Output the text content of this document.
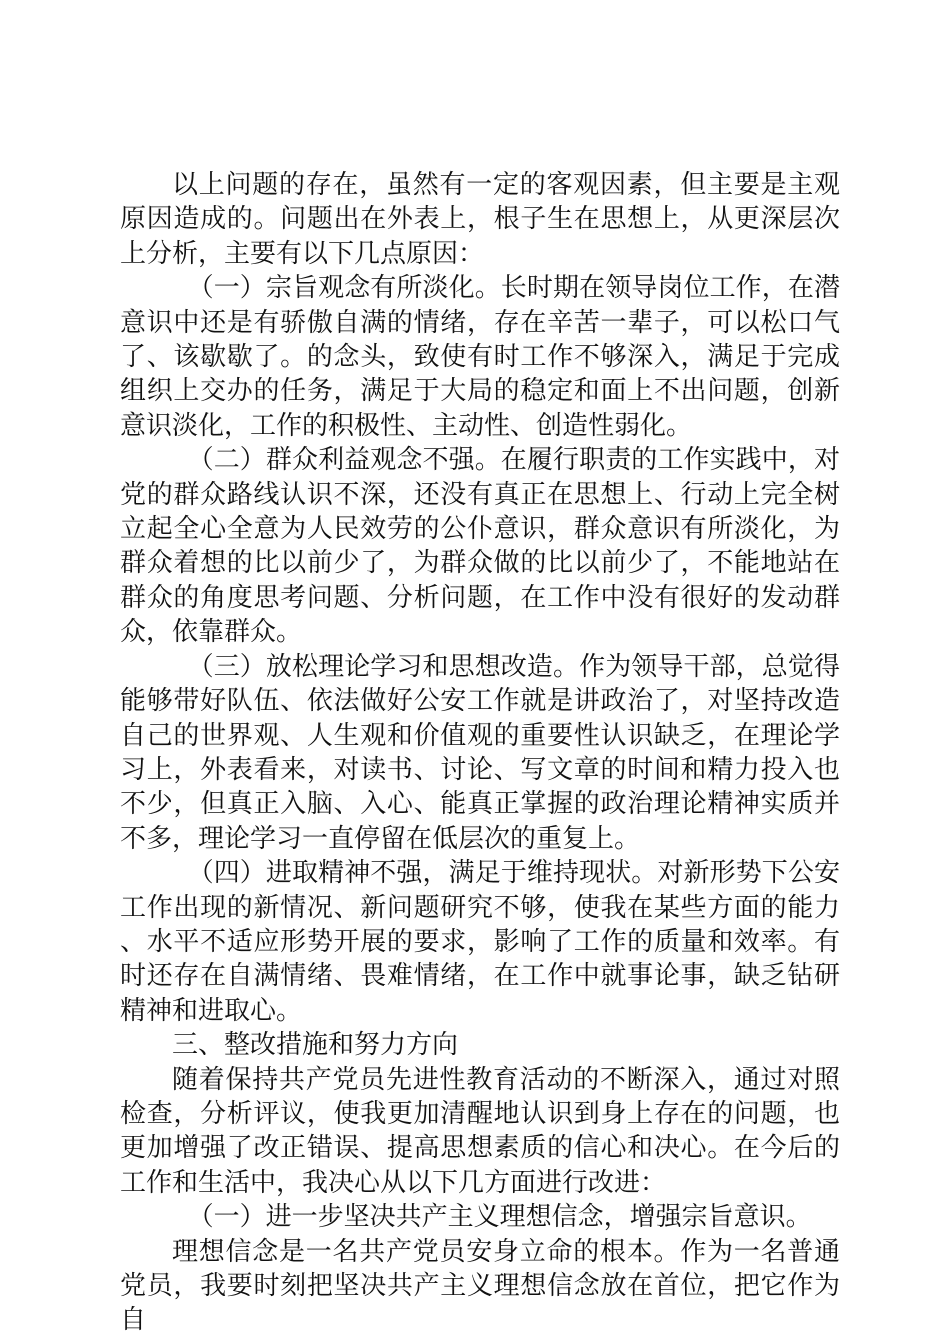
以上问题的存在，虽然有一定的客观因素，但主要是主观原因造成的。问题出在外表上，根子生在思想上，从更深层次上分析，主要有以下几点原因：

（一）宗旨观念有所淡化。长时期在领导岗位工作，在潜意识中还是有骄傲自满的情绪，存在辛苦一辈子，可以松口气了、该歇歇了。的念头，致使有时工作不够深入，满足于完成组织上交办的任务，满足于大局的稳定和面上不出问题，创新意识淡化，工作的积极性、主动性、创造性弱化。

（二）群众利益观念不强。在履行职责的工作实践中，对党的群众路线认识不深，还没有真正在思想上、行动上完全树立起全心全意为人民效劳的公仆意识，群众意识有所淡化，为群众着想的比以前少了，为群众做的比以前少了，不能地站在群众的角度思考问题、分析问题，在工作中没有很好的发动群众，依靠群众。

（三）放松理论学习和思想改造。作为领导干部，总觉得能够带好队伍、依法做好公安工作就是讲政治了，对坚持改造自己的世界观、人生观和价值观的重要性认识缺乏，在理论学习上，外表看来，对读书、讨论、写文章的时间和精力投入也不少，但真正入脑、入心、能真正掌握的政治理论精神实质并不多，理论学习一直停留在低层次的重复上。

（四）进取精神不强，满足于维持现状。对新形势下公安工作出现的新情况、新问题研究不够，使我在某些方面的能力、水平不适应形势开展的要求，影响了工作的质量和效率。有时还存在自满情绪、畏难情绪，在工作中就事论事，缺乏钻研精神和进取心。

三、整改措施和努力方向

随着保持共产党员先进性教育活动的不断深入，通过对照检查，分析评议，使我更加清醒地认识到身上存在的问题，也更加增强了改正错误、提高思想素质的信心和决心。在今后的工作和生活中，我决心从以下几方面进行改进：

（一）进一步坚决共产主义理想信念，增强宗旨意识。

理想信念是一名共产党员安身立命的根本。作为一名普通党员，我要时刻把坚决共产主义理想信念放在首位，把它作为自
